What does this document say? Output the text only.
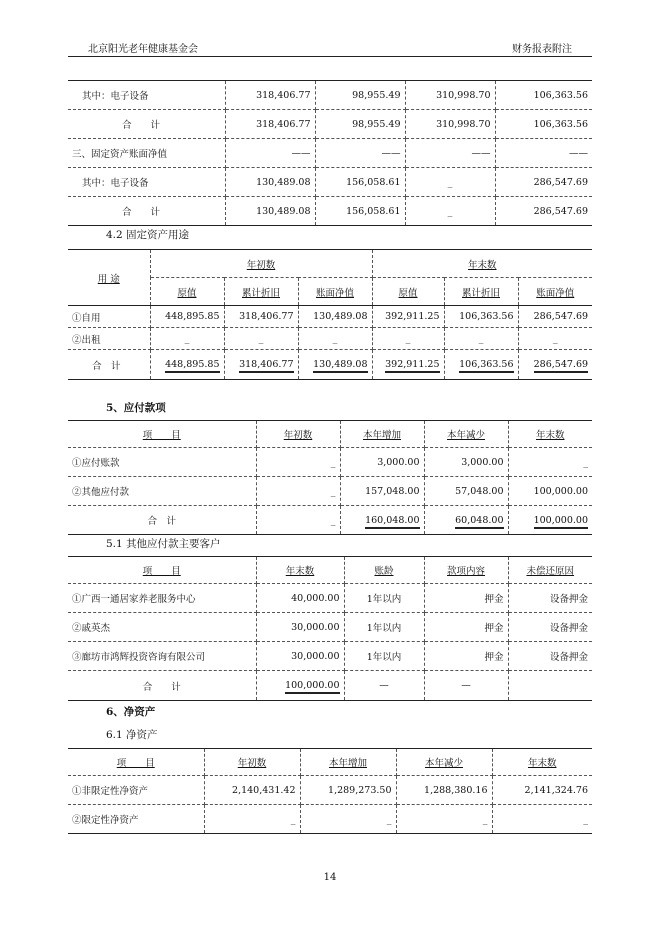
北京阳光老年健康基金会	财务报表附注
其中：电子设备	318,406.77	98,955.49	310,998.70	106,363.56
合　　计	318,406.77	98,955.49	310,998.70	106,363.56
三、固定资产账面净值	——	——	——	——
其中：电子设备	130,489.08	156,058.61	_	286,547.69
合　　计	130,489.08	156,058.61	_	286,547.69
4.2 固定资产用途
用 途	年初数			年末数		
	原值	累计折旧	账面净值	原值	累计折旧	账面净值
①自用	448,895.85	318,406.77	130,489.08	392,911.25	106,363.56	286,547.69
②出租	_	_	_	_	_	_
合　计	448,895.85	318,406.77	130,489.08	392,911.25	106,363.56	286,547.69
5、应付款项
项　　目	年初数	本年增加	本年减少	年末数
①应付账款	_	3,000.00	3,000.00	_
②其他应付款	_	157,048.00	57,048.00	100,000.00
合　计	_	160,048.00	60,048.00	100,000.00
5.1 其他应付款主要客户
项　　目	年末数	账龄	款项内容	未偿还原因
①广西一通居家养老服务中心	40,000.00	1年以内	押金	设备押金
②戚英杰	30,000.00	1年以内	押金	设备押金
③廊坊市鸿辉投资咨询有限公司	30,000.00	1年以内	押金	设备押金
合　　计	100,000.00	—	—	
6、净资产
6.1 净资产
项　　目	年初数	本年增加	本年减少	年末数
①非限定性净资产	2,140,431.42	1,289,273.50	1,288,380.16	2,141,324.76
②限定性净资产	_	_	_	_
14
